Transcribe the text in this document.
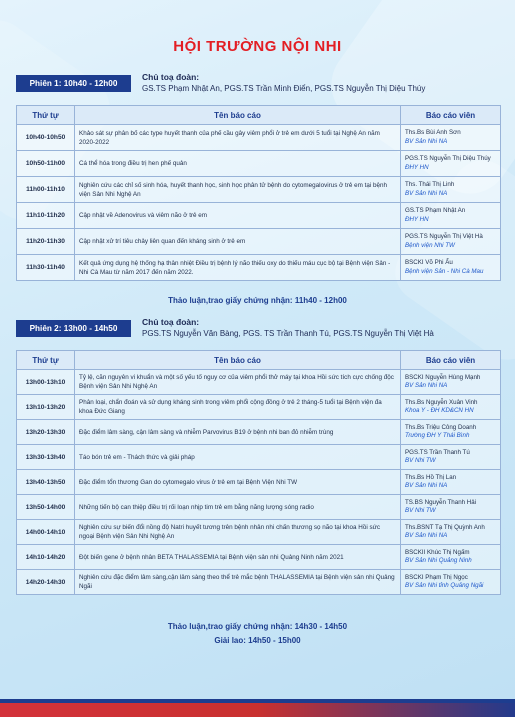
HỘI TRƯỜNG NỘI NHI
Phiên 1: 10h40 - 12h00
Chủ toạ đoàn:
GS.TS Phạm Nhật An, PGS.TS Trần Minh Điển, PGS.TS Nguyễn Thị Diệu Thúy
Thứ tự	Tên báo cáo	Báo cáo viên
10h40-10h50	Khảo sát sự phân bố các type huyết thanh của phế cầu gây viêm phổi ở trẻ em dưới 5 tuổi tại Nghệ An năm 2020-2022	Ths.Bs Bùi Anh Sơn
BV Sản Nhi NA

10h50-11h00	Cá thể hóa trong điều trị hen phế quản	PGS.TS Nguyễn Thị Diệu Thúy
ĐHY HN

11h00-11h10	Nghiên cứu các chỉ số sinh hóa, huyết thanh học, sinh học phân tử bệnh do cytomegalovirus ở trẻ em tại bệnh viện Sản Nhi Nghệ An	Ths. Thái Thị Linh
BV Sản Nhi NA

11h10-11h20	Cập nhật về Adenovirus và viêm não ở trẻ em	GS.TS Phạm Nhật An
ĐHY HN

11h20-11h30	Cập nhật xử trí tiêu chảy liên quan đến kháng sinh ở trẻ em	PGS.TS Nguyễn Thị Việt Hà
Bệnh viện Nhi TW

11h30-11h40	Kết quả ứng dụng hệ thống hạ thân nhiệt Điều trị bệnh lý não thiếu oxy do thiếu máu cục bộ tại Bệnh viện Sản - Nhi Cà Mau từ năm 2017 đến năm 2022.	BSCKI Võ Phi Ẩu
Bệnh viện Sản - Nhi Cà Mau
Thảo luận,trao giấy chứng nhận: 11h40 - 12h00
Phiên 2: 13h00 - 14h50
Chủ toạ đoàn:
PGS.TS Nguyễn Văn Bàng, PGS. TS Trần Thanh Tú, PGS.TS Nguyễn Thị Việt Hà
Thứ tự	Tên báo cáo	Báo cáo viên
13h00-13h10	Tỷ lệ, căn nguyên vi khuẩn và một số yếu tố nguy cơ của viêm phổi thở máy tại khoa Hồi sức tích cực chống độc Bệnh viện Sản Nhi Nghệ An	BSCKI Nguyễn Hùng Mạnh
BV Sản Nhi NA

13h10-13h20	Phân loại, chẩn đoán và sử dụng kháng sinh trong viêm phổi cộng đồng ở trẻ 2 tháng-5 tuổi tại Bệnh viện đa khoa Đức Giang	Ths.Bs Nguyễn Xuân Vinh
Khoa Y - ĐH KD&CN HN

13h20-13h30	Đặc điểm lâm sàng, cận lâm sàng và nhiễm Parvovirus B19 ở bệnh nhi ban đỏ nhiễm trùng	Ths.Bs Triệu Công Doanh
Trường ĐH Y Thái Bình

13h30-13h40	Táo bón trẻ em - Thách thức và giải pháp	PGS.TS Trần Thanh Tú
BV Nhi TW

13h40-13h50	Đặc điểm tổn thương Gan do cytomegalo virus ở trẻ em tại Bệnh Viện Nhi TW	Ths.Bs Hồ Thị Lan
BV Sản Nhi NA

13h50-14h00	Những tiến bộ can thiệp điều trị rối loạn nhịp tim trẻ em bằng năng lượng sóng radio	TS.BS Nguyễn Thanh Hải
BV Nhi TW

14h00-14h10	Nghiên cứu sự biến đổi nồng độ Natri huyết tương trên bệnh nhân nhi chấn thương sọ não tại khoa Hồi sức ngoại Bệnh viện Sản Nhi Nghệ An	Ths.BSNT Tạ Thị Quỳnh Anh
BV Sản Nhi NA

14h10-14h20	Đột biến gene ở bệnh nhân BETA THALASSEMIA tại Bệnh viện sản nhi Quảng Ninh năm 2021	BSCKII Khúc Thị Ngấm
BV Sản Nhi Quảng Ninh

14h20-14h30	Nghiên cứu đặc điểm lâm sàng,cận lâm sàng theo thể trẻ mắc bệnh THALASSEMIA tại Bệnh viện sản nhi Quảng Ngãi	BSCKI Phạm Thị Ngọc
BV Sản Nhi tỉnh Quảng Ngãi
Thảo luận,trao giấy chứng nhận: 14h30 - 14h50
Giải lao: 14h50 - 15h00
